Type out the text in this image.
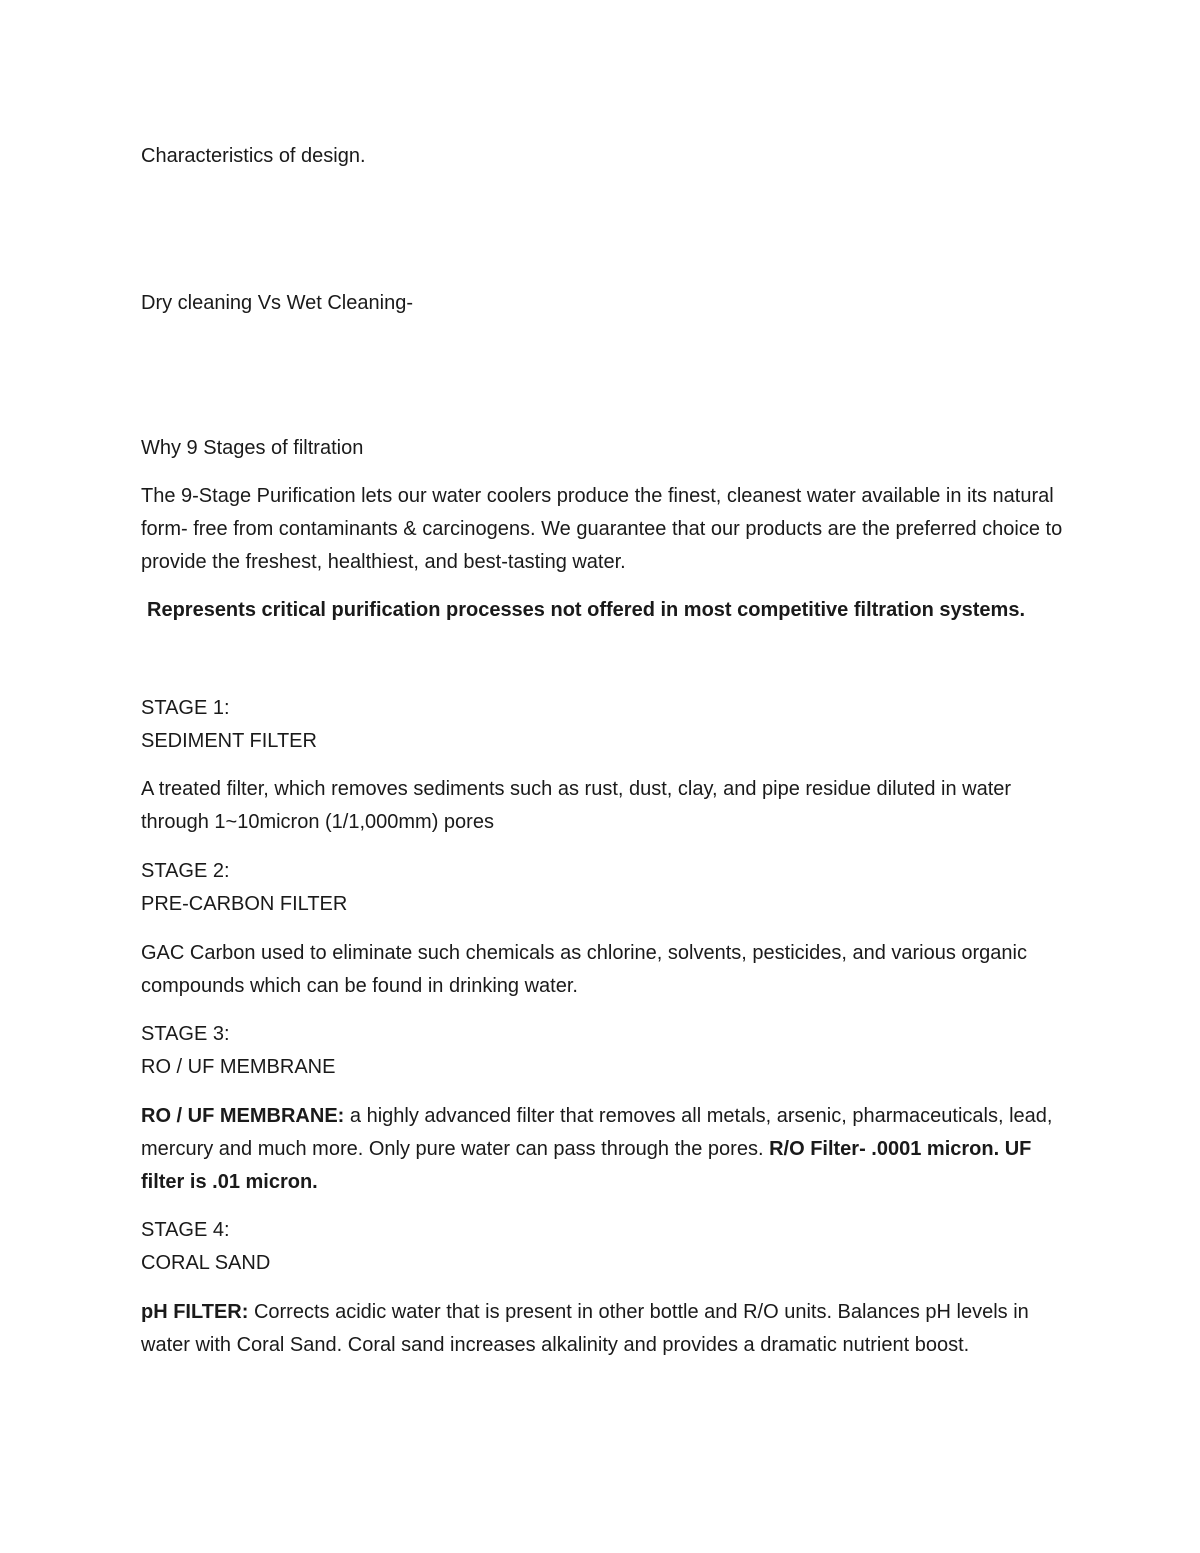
Characteristics of design.

Dry cleaning Vs Wet Cleaning-

Why 9 Stages of filtration

The 9-Stage Purification lets our water coolers produce the finest, cleanest water available in its natural form- free from contaminants & carcinogens. We guarantee that our products are the preferred choice to provide the freshest, healthiest, and best-tasting water.

Represents critical purification processes not offered in most competitive filtration systems.

STAGE 1:

SEDIMENT FILTER

A treated filter, which removes sediments such as rust, dust, clay, and pipe residue diluted in water through 1~10micron (1/1,000mm) pores

STAGE 2:

PRE-CARBON FILTER

GAC Carbon used to eliminate such chemicals as chlorine, solvents, pesticides, and various organic compounds which can be found in drinking water.

STAGE 3:

RO / UF MEMBRANE

RO / UF MEMBRANE: a highly advanced filter that removes all metals, arsenic, pharmaceuticals, lead, mercury and much more. Only pure water can pass through the pores. R/O Filter- .0001 micron. UF filter is .01 micron.

STAGE 4:

CORAL SAND

pH FILTER: Corrects acidic water that is present in other bottle and R/O units. Balances pH levels in water with Coral Sand. Coral sand increases alkalinity and provides a dramatic nutrient boost.
